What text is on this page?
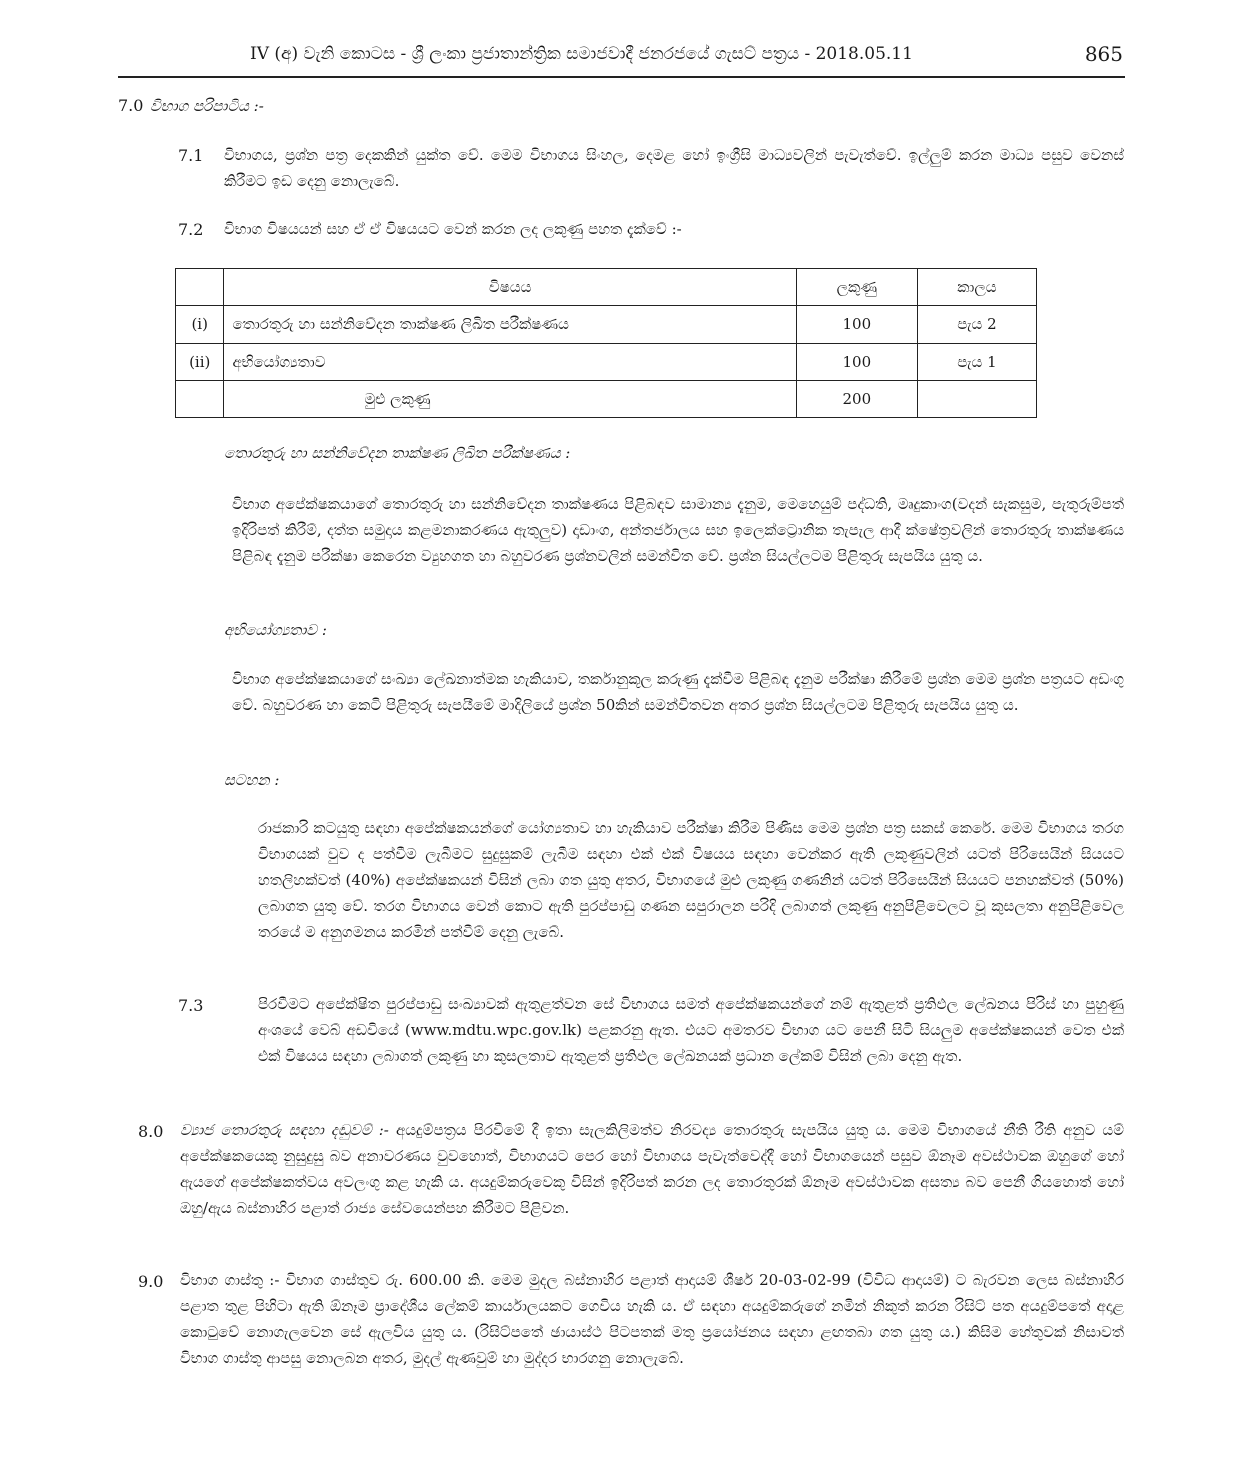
IV (අ) වැනි කොටස - ශ්‍රී ලංකා ප්‍රජාතාන්ත්‍රික සමාජවාදී ජනරජයේ ගැසට් පත්‍රය - 2018.05.11	865
7.0 විභාග පරිපාටිය :-
7.1 විභාගය, ප්‍රශ්න පත්‍ර දෙකකින් යුක්ත වේ. මෙම විභාගය සිංහල, දෙමළ හෝ ඉංග්‍රීසි මාධ්‍යවලින් පැවැත්වේ. ඉල්ලුම් කරන මාධ්‍ය පසුව වෙනස් කිරීමට ඉඩ දෙනු නොලැබේ.
7.2 විභාග විෂයයන් සහ ඒ ඒ විෂයයට වෙන් කරන ලද ලකුණු පහත දැක්වේ :-
	විෂයය	ලකුණු	කාලය
(i)	තොරතුරු හා සන්නිවේදන තාක්ෂණ ලිඛිත පරීක්ෂණය	100	පැය 2
(ii)	අභියෝග්‍යතාව	100	පැය 1
	මුළු ලකුණු	200	
තොරතුරු හා සන්නිවේදන තාක්ෂණ ලිඛිත පරීක්ෂණය :
විභාග අපේක්ෂකයාගේ තොරතුරු හා සන්නිවේදන තාක්ෂණය පිළිබඳව සාමාන්‍ය දැනුම, මෙහෙයුම් පද්ධති, මෘදුකාංග(වදන් සැකසුම, පැතුරුම්පත් ඉදිරිපත් කිරීම්, දත්ත සමුදාය කළමනාකරණය ඇතුලුව) දෘඩාංග, අන්තර්ජාලය සහ ඉලෙක්ට්‍රොනික තැපැල ආදී ක්ෂේත්‍රවලින් තොරතුරු තාක්ෂණය පිළිබඳ දැනුම පරීක්ෂා කෙරෙන ව්‍යුහගත හා බහුවරණ ප්‍රශ්නවලින් සමන්විත වේ. ප්‍රශ්න සියල්ලටම පිළිතුරු සැපයිය යුතු ය.
අභියෝග්‍යතාව :
විභාග අපේක්ෂකයාගේ සංඛ්‍යා ලේඛනාත්මක හැකියාව, තර්කානුකූල කරුණු දැක්වීම පිළිබඳ දැනුම පරීක්ෂා කිරීමේ ප්‍රශ්න මෙම ප්‍රශ්න පත්‍රයට අඩංගු වේ. බහුවරණ හා කෙටි පිළිතුරු සැපයීමේ මාදිලියේ ප්‍රශ්න 50කින් සමන්විතවන අතර ප්‍රශ්න සියල්ලටම පිළිතුරු සැපයිය යුතු ය.
සටහන :
රාජකාරි කටයුතු සඳහා අපේක්ෂකයන්ගේ යෝග්‍යතාව හා හැකියාව පරීක්ෂා කිරීම පිණිස මෙම ප්‍රශ්න පත්‍ර සකස් කෙරේ. මෙම විභාගය තරග විභාගයක් වුව ද පත්වීම ලැබීමට සුදුසුකම් ලැබීම සඳහා එක් එක් විෂයය සඳහා වෙන්කර ඇති ලකුණුවලින් යටත් පිරිසෙයින් සියයට හතලිහක්වත් (40%) අපේක්ෂකයන් විසින් ලබා ගත යුතු අතර, විභාගයේ මුළු ලකුණු ගණනින් යටත් පිරිසෙයින් සියයට පනහක්වත් (50%) ලබාගත යුතු වේ. තරග විභාගය වෙන් කොට ඇති පුරප්පාඩු ගණන සපුරාලන පරිදි ලබාගත් ලකුණු අනුපිළිවෙලට වූ කුසලතා අනුපිළිවෙල තරයේ ම අනුගමනය කරමින් පත්වීම් දෙනු ලැබේ.
7.3	පිරවීමට අපේක්ෂිත පුරප්පාඩු සංඛ්‍යාවක් ඇතුළත්වන සේ විභාගය සමත් අපේක්ෂකයන්ගේ නම් ඇතුළත් ප්‍රතිඵල ලේඛනය පිරිස් හා පුහුණු අංශයේ වෙබ් අඩවියේ (www.mdtu.wpc.gov.lk) පළකරනු ඇත. එයට අමතරව විභාග යට පෙනී සිටි සියලුම අපේක්ෂකයන් වෙත එක් එක් විෂයය සඳහා ලබාගත් ලකුණු හා කුසලතාව ඇතුළත් ප්‍රතිඵල ලේඛනයක් ප්‍රධාන ලේකම් විසින් ලබා දෙනු ඇත.
8.0 ව්‍යාජ තොරතුරු සඳහා දඬුවම් :- අයදුම්පත්‍රය පිරවීමේ දී ඉතා සැලකිලිමත්ව නිරවද්‍ය තොරතුරු සැපයිය යුතු ය. මෙම විභාගයේ නීති රීති අනුව යම් අපේක්ෂකයෙකු නුසුදුසු බව අනාවරණය වුවහොත්, විභාගයට පෙර හෝ විභාගය පැවැත්වෙද්දී හෝ විභාගයෙන් පසුව ඕනෑම අවස්ථාවක ඔහුගේ හෝ ඇයගේ අපේක්ෂකත්වය අවලංගු කළ හැකි ය. අයදුම්කරුවෙකු විසින් ඉදිරිපත් කරන ලද තොරතුරක් ඕනෑම අවස්ථාවක අසත්‍ය බව පෙනී ගියහොත් හෝ ඔහු/ඇය බස්නාහිර පළාත් රාජ්‍ය සේවයෙන්පහ කිරීමට පිළිවන.
9.0 විභාග ගාස්තු :- විභාග ගාස්තුව රු. 600.00 කි. මෙම මුදල බස්නාහිර පළාත් ආදායම් ශීර්ෂ 20-03-02-99 (විවිධ ආදායම්) ට බැරවන ලෙස බස්නාහිර පළාත තුළ පිහිටා ඇති ඕනෑම ප්‍රාදේශීය ලේකම් කාර්යාලයකට ගෙවිය හැකි ය. ඒ සඳහා අයදුම්කරුගේ නමින් නිකුත් කරන රිසිට් පත අයදුම්පතේ අදාළ කොටුවේ නොගැලවෙන සේ ඇලවිය යුතු ය. (රිසිට්පතේ ඡායාස්ථ පිටපතක් මතු ප්‍රයෝජනය සඳහා ළඟතබා ගත යුතු ය.) කිසිම හේතුවක් නිසාවත් විභාග ගාස්තු ආපසු නොලබන අතර, මුදල් ඇණවුම් හා මුද්දර භාරගනු නොලැබේ.
